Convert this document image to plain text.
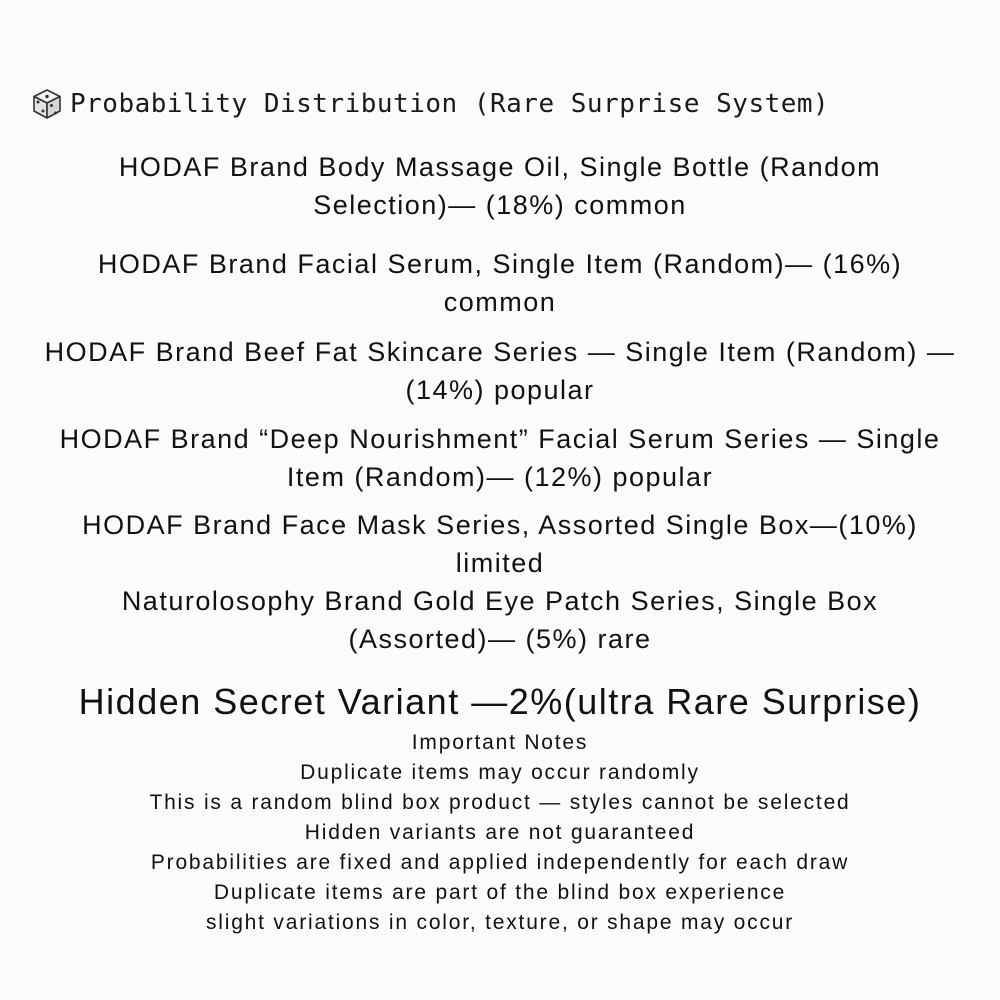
Probability Distribution (Rare Surprise System)
HODAF Brand Body Massage Oil, Single Bottle (Random
Selection)— (18%) common
HODAF Brand Facial Serum, Single Item (Random)— (16%)
common
HODAF Brand Beef Fat Skincare Series — Single Item (Random) —
(14%) popular
HODAF Brand “Deep Nourishment” Facial Serum Series — Single
Item (Random)— (12%) popular
HODAF Brand Face Mask Series, Assorted Single Box—(10%)
limited
Naturolosophy Brand Gold Eye Patch Series, Single Box
(Assorted)— (5%) rare
Hidden Secret Variant —2%(ultra Rare Surprise)
Important Notes
Duplicate items may occur randomly
This is a random blind box product — styles cannot be selected
Hidden variants are not guaranteed
Probabilities are fixed and applied independently for each draw
Duplicate items are part of the blind box experience
slight variations in color, texture, or shape may occur
